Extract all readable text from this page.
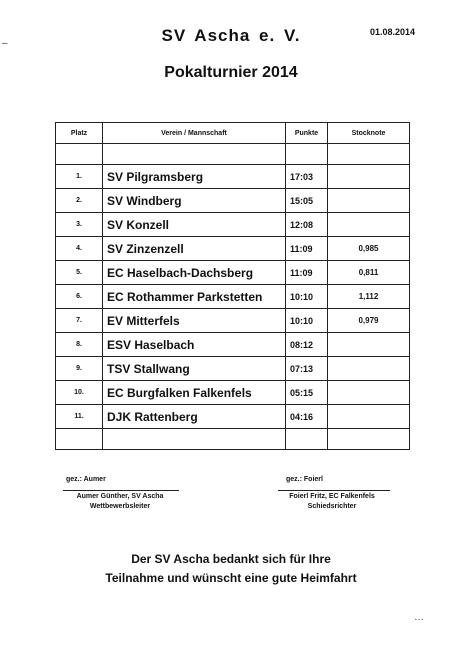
01.08.2014
SV Ascha e. V.
Pokalturnier 2014
Platz	Verein / Mannschaft	Punkte	Stocknote

1.	SV Pilgramsberg	17:03	
2.	SV Windberg	15:05	
3.	SV Konzell	12:08	
4.	SV Zinzenzell	11:09	0,985
5.	EC Haselbach-Dachsberg	11:09	0,811
6.	EC Rothammer Parkstetten	10:10	1,112
7.	EV Mitterfels	10:10	0,979
8.	ESV Haselbach	08:12	
9.	TSV Stallwang	07:13	
10.	EC Burgfalken Falkenfels	05:15	
11.	DJK Rattenberg	04:16	

gez.: Aumer
Aumer Günther, SV Ascha
Wettbewerbsleiter
gez.: Foierl
Foierl Fritz, EC Falkenfels
Schiedsrichter
Der SV Ascha bedankt sich für Ihre
Teilnahme und wünscht eine gute Heimfahrt
–
…
